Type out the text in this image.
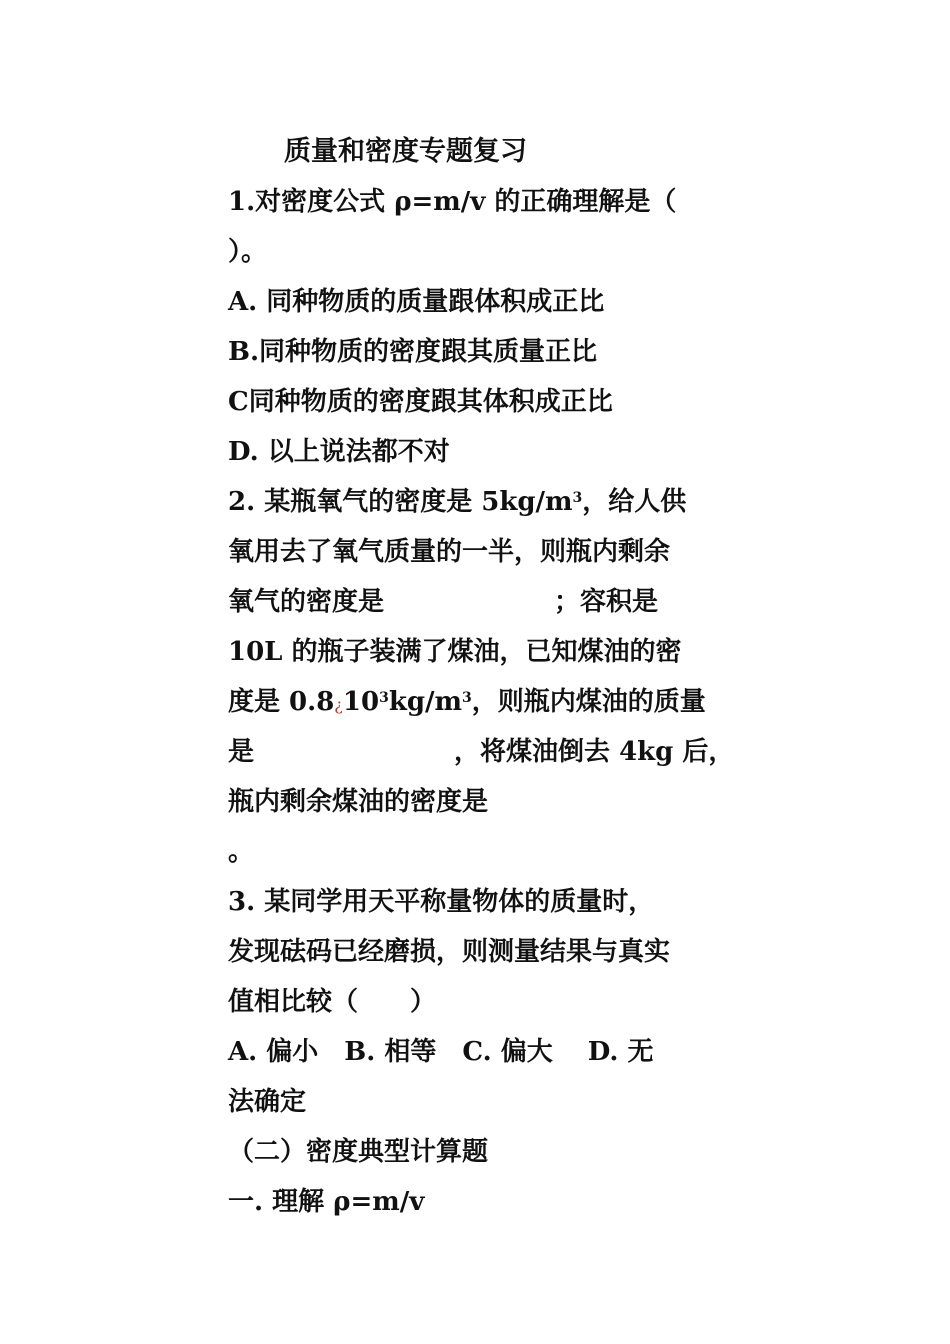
质量和密度专题复习

1.对密度公式 ρ=m/v 的正确理解是（

）。

A. 同种物质的质量跟体积成正比

B.同种物质的密度跟其质量正比

C同种物质的密度跟其体积成正比

D. 以上说法都不对

2. 某瓶氧气的密度是 $5kg/m^3$，给人供

氧用去了氧气质量的一半，则瓶内剩余

氧气的密度是	；容积是

10L 的瓶子装满了煤油，已知煤油的密

度是 $0.8¿10^3kg/m^3$，则瓶内煤油的质量

是	，将煤油倒去 4kg 后，

瓶内剩余煤油的密度是

。

3. 某同学用天平称量物体的质量时，

发现砝码已经磨损，则测量结果与真实

值相比较（　　）

A. 偏小　B. 相等　C. 偏大　 D. 无

法确定

（二）密度典型计算题

一. 理解 ρ=m/v
